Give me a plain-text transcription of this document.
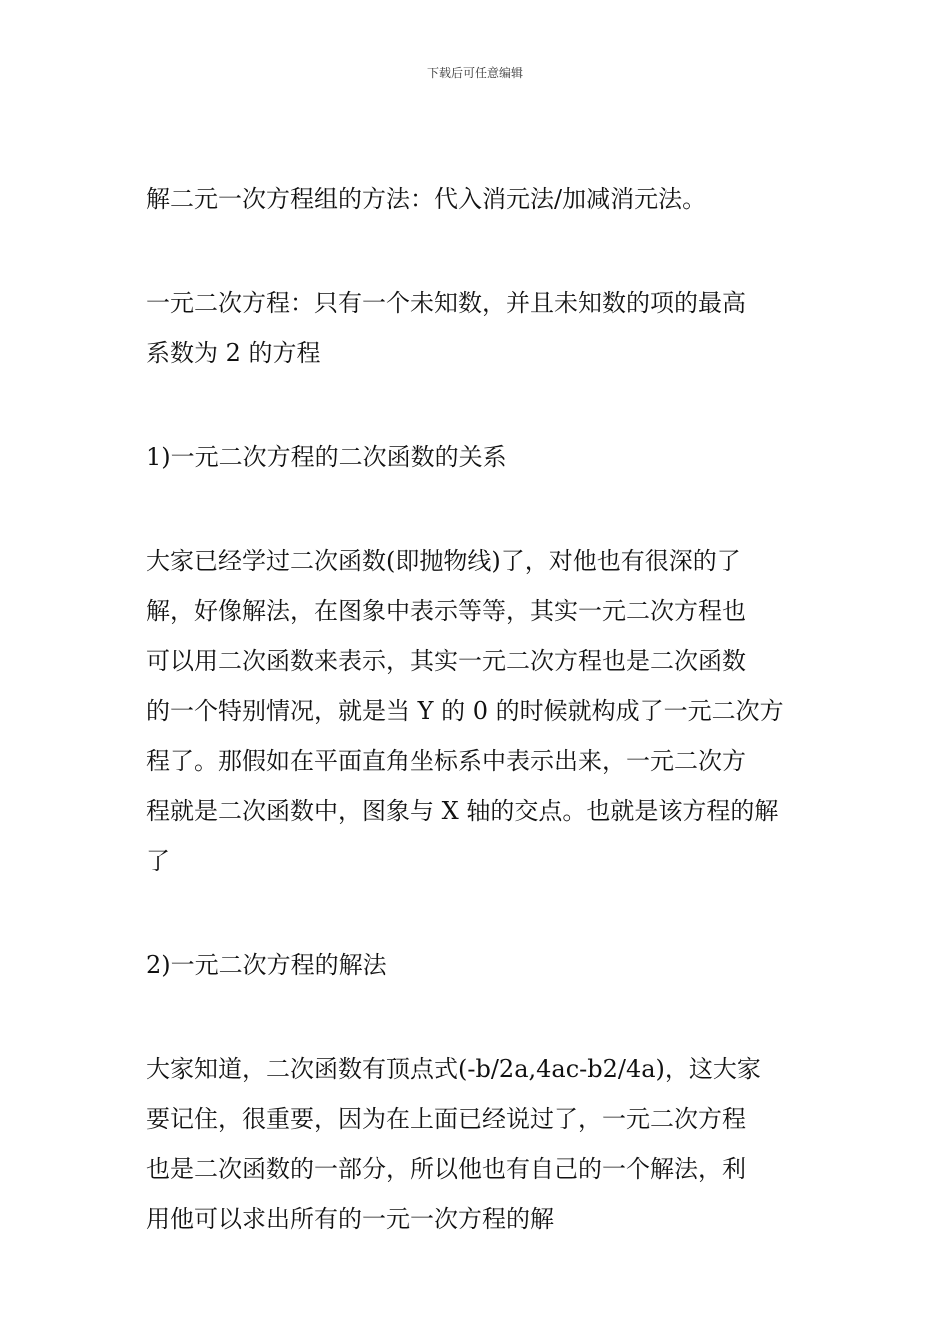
下载后可任意编辑

解二元一次方程组的方法：代入消元法/加减消元法。

一元二次方程：只有一个未知数，并且未知数的项的最高
系数为 2 的方程

1)一元二次方程的二次函数的关系

大家已经学过二次函数(即抛物线)了，对他也有很深的了
解，好像解法，在图象中表示等等，其实一元二次方程也
可以用二次函数来表示，其实一元二次方程也是二次函数
的一个特别情况，就是当 Y 的 0 的时候就构成了一元二次方
程了。那假如在平面直角坐标系中表示出来，一元二次方
程就是二次函数中，图象与 X 轴的交点。也就是该方程的解
了

2)一元二次方程的解法

大家知道，二次函数有顶点式(-b/2a,4ac-b2/4a)，这大家
要记住，很重要，因为在上面已经说过了，一元二次方程
也是二次函数的一部分，所以他也有自己的一个解法，利
用他可以求出所有的一元一次方程的解
